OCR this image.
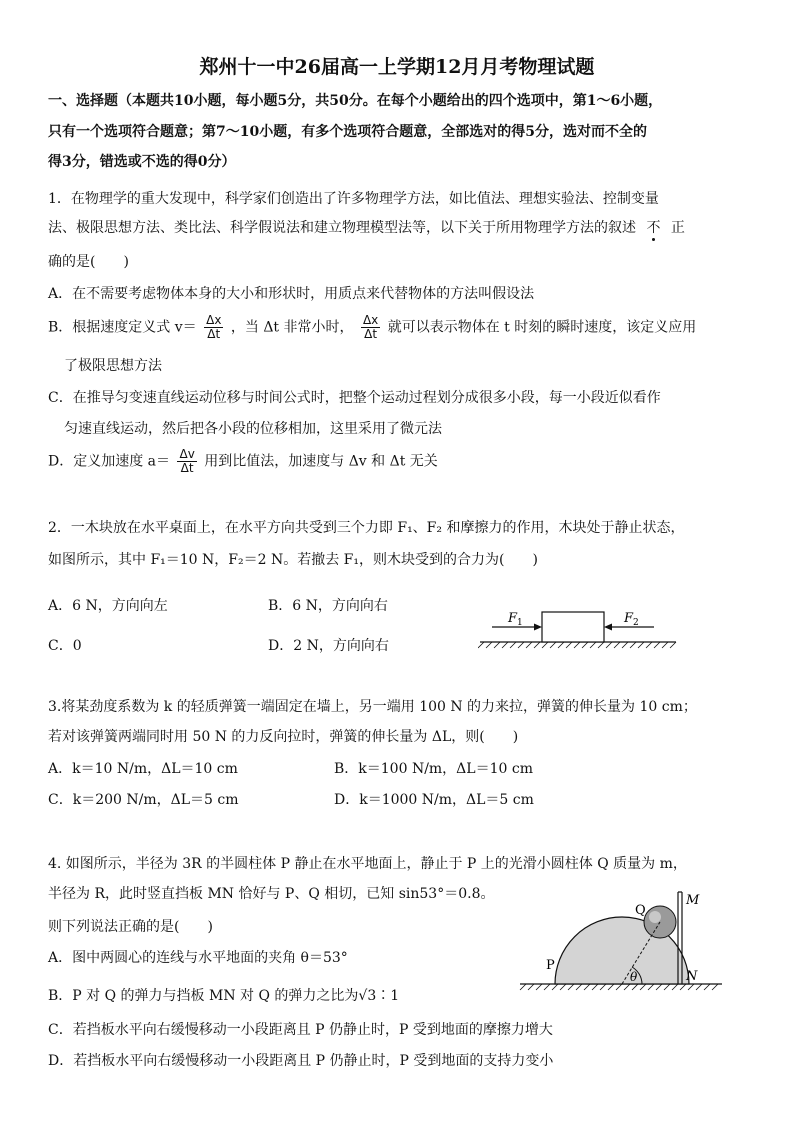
郑州十一中26届高一上学期12月月考物理试题
一、选择题（本题共10小题，每小题5分，共50分。在每个小题给出的四个选项中，第1～6小题，
只有一个选项符合题意；第7～10小题，有多个选项符合题意，全部选对的得5分，选对而不全的
得3分，错选或不选的得0分）
1．在物理学的重大发现中，科学家们创造出了许多物理学方法，如比值法、理想实验法、控制变量
法、极限思想方法、类比法、科学假说法和建立物理模型法等，以下关于所用物理学方法的叙述 不 正
确的是(　　)
A．在不需要考虑物体本身的大小和形状时，用质点来代替物体的方法叫假设法
B．根据速度定义式 $v= \frac{\Delta x}{\Delta t}$ ，当 Δt 非常小时， $\frac{\Delta x}{\Delta t}$ 就可以表示物体在 t 时刻的瞬时速度，该定义应用
了极限思想方法
C．在推导匀变速直线运动位移与时间公式时，把整个运动过程划分成很多小段，每一小段近似看作
匀速直线运动，然后把各小段的位移相加，这里采用了微元法
D．定义加速度 $a= \frac{\Delta v}{\Delta t}$ 用到比值法，加速度与 Δv 和 Δt 无关
2．一木块放在水平桌面上，在水平方向共受到三个力即 F₁、F₂ 和摩擦力的作用，木块处于静止状态，
如图所示，其中 F₁＝10 N，F₂＝2 N。若撤去 F₁，则木块受到的合力为(　　)
A．6 N，方向向左	B．6 N，方向向右
C．0	D．2 N，方向向右
F 1	F 2
3.将某劲度系数为 k 的轻质弹簧一端固定在墙上，另一端用 100 N 的力来拉，弹簧的伸长量为 10 cm；
若对该弹簧两端同时用 50 N 的力反向拉时，弹簧的伸长量为 ΔL，则(　　)
A．k＝10 N/m，ΔL＝10 cm	B．k＝100 N/m，ΔL＝10 cm
C．k＝200 N/m，ΔL＝5 cm	D．k＝1000 N/m，ΔL＝5 cm
4. 如图所示，半径为 3R 的半圆柱体 P 静止在水平地面上，静止于 P 上的光滑小圆柱体 Q 质量为 m，
半径为 R，此时竖直挡板 MN 恰好与 P、Q 相切，已知 sin53°＝0.8。
则下列说法正确的是(　　)
A．图中两圆心的连线与水平地面的夹角 θ＝53°
B．P 对 Q 的弹力与挡板 MN 对 Q 的弹力之比为√3∶1
C．若挡板水平向右缓慢移动一小段距离且 P 仍静止时，P 受到地面的摩擦力增大
D．若挡板水平向右缓慢移动一小段距离且 P 仍静止时，P 受到地面的支持力变小
θ
Q
P
M
N
